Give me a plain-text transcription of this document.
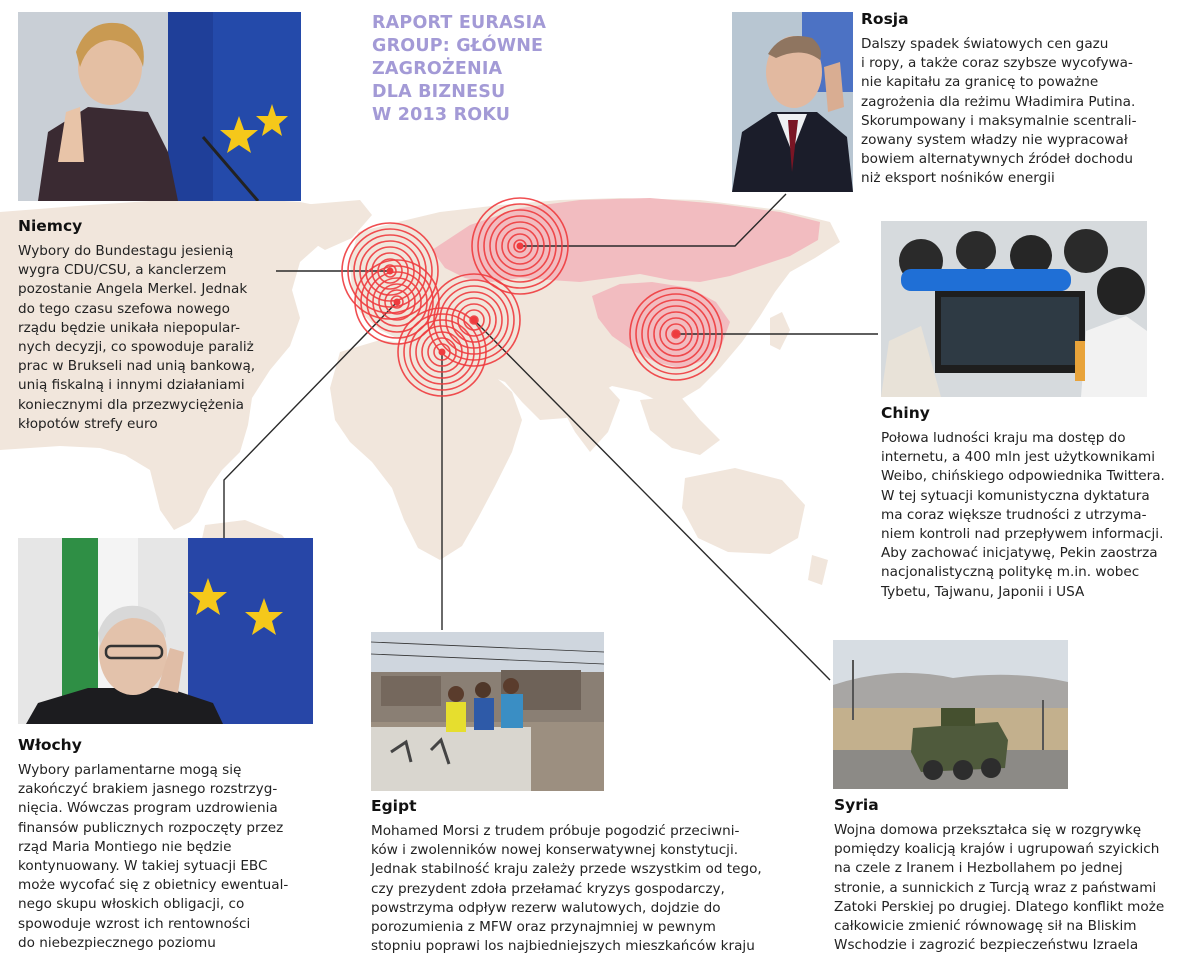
RAPORT EURASIA
GROUP: GŁÓWNE
ZAGROŻENIA
DLA BIZNESU
W 2013 ROKU
Niemcy
Wybory do Bundestagu jesienią
wygra CDU/CSU, a kanclerzem
pozostanie Angela Merkel. Jednak
do tego czasu szefowa nowego
rządu będzie unikała niepopular-
nych decyzji, co spowoduje paraliż
prac w Brukseli nad unią bankową,
unią fiskalną i innymi działaniami
koniecznymi dla przezwyciężenia
kłopotów strefy euro
Rosja
Dalszy spadek światowych cen gazu
i ropy, a także coraz szybsze wycofywa-
nie kapitału za granicę to poważne
zagrożenia dla reżimu Władimira Putina.
Skorumpowany i maksymalnie scentrali-
zowany system władzy nie wypracował
bowiem alternatywnych źródeł dochodu
niż eksport nośników energii
Chiny
Połowa ludności kraju ma dostęp do
internetu, a 400 mln jest użytkownikami
Weibo, chińskiego odpowiednika Twittera.
W tej sytuacji komunistyczna dyktatura
ma coraz większe trudności z utrzyma-
niem kontroli nad przepływem informacji.
Aby zachować inicjatywę, Pekin zaostrza
nacjonalistyczną politykę m.in. wobec
Tybetu, Tajwanu, Japonii i USA
Włochy
Wybory parlamentarne mogą się
zakończyć brakiem jasnego rozstrzyg-
nięcia. Wówczas program uzdrowienia
finansów publicznych rozpoczęty przez
rząd Maria Montiego nie będzie
kontynuowany. W takiej sytuacji EBC
może wycofać się z obietnicy ewentual-
nego skupu włoskich obligacji, co
spowoduje wzrost ich rentowności
do niebezpiecznego poziomu
Egipt
Mohamed Morsi z trudem próbuje pogodzić przeciwni-
ków i zwolenników nowej konserwatywnej konstytucji.
Jednak stabilność kraju zależy przede wszystkim od tego,
czy prezydent zdoła przełamać kryzys gospodarczy,
powstrzyma odpływ rezerw walutowych, dojdzie do
porozumienia z MFW oraz przynajmniej w pewnym
stopniu poprawi los najbiedniejszych mieszkańców kraju
Syria
Wojna domowa przekształca się w rozgrywkę
pomiędzy koalicją krajów i ugrupowań szyickich
na czele z Iranem i Hezbollahem po jednej
stronie, a sunnickich z Turcją wraz z państwami
Zatoki Perskiej po drugiej. Dlatego konflikt może
całkowicie zmienić równowagę sił na Bliskim
Wschodzie i zagrozić bezpieczeństwu Izraela
